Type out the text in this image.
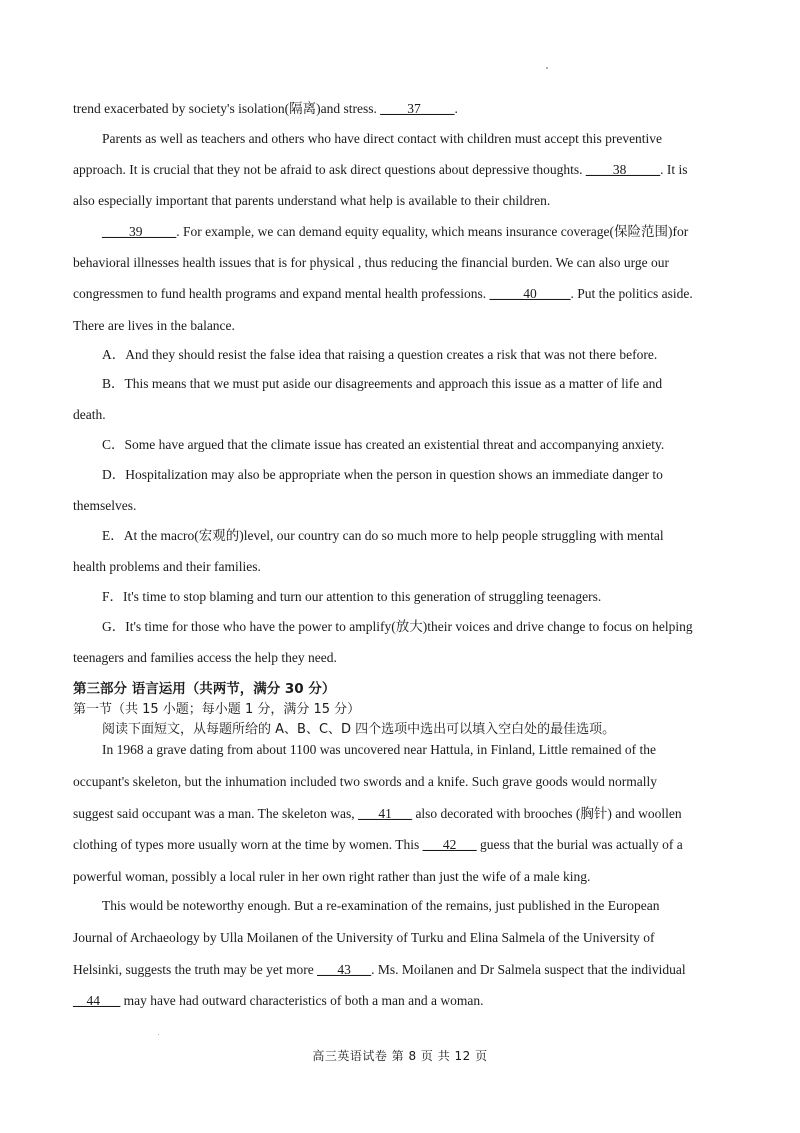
trend exacerbated by society's isolation(隔离)and stress. ____37_____.

Parents as well as teachers and others who have direct contact with children must accept this preventive

approach. It is crucial that they not be afraid to ask direct questions about depressive thoughts. ____38_____. It is

also especially important that parents understand what help is available to their children.

____39_____. For example, we can demand equity equality, which means insurance coverage(保险范围)for

behavioral illnesses health issues that is for physical , thus reducing the financial burden. We can also urge our

congressmen to fund health programs and expand mental health professions. _____40_____. Put the politics aside.

There are lives in the balance.

A．And they should resist the false idea that raising a question creates a risk that was not there before.

B．This means that we must put aside our disagreements and approach this issue as a matter of life and

death.

C．Some have argued that the climate issue has created an existential threat and accompanying anxiety.

D．Hospitalization may also be appropriate when the person in question shows an immediate danger to

themselves.

E．At the macro(宏观的)level, our country can do so much more to help people struggling with mental

health problems and their families.

F．It's time to stop blaming and turn our attention to this generation of struggling teenagers.

G．It's time for those who have the power to amplify(放大)their voices and drive change to focus on helping

teenagers and families access the help they need.

第三部分 语言运用（共两节，满分 30 分）

第一节（共 15 小题；每小题 1 分，满分 15 分）

阅读下面短文，从每题所给的 A、B、C、D 四个选项中选出可以填入空白处的最佳选项。

In 1968 a grave dating from about 1100 was uncovered near Hattula, in Finland, Little remained of the

occupant's skeleton, but the inhumation included two swords and a knife. Such grave goods would normally

suggest said occupant was a man. The skeleton was, ___41___ also decorated with brooches (胸针) and woollen

clothing of types more usually worn at the time by women. This ___42___ guess that the burial was actually of a

powerful woman, possibly a local ruler in her own right rather than just the wife of a male king.

This would be noteworthy enough. But a re-examination of the remains, just published in the European

Journal of Archaeology by Ulla Moilanen of the University of Turku and Elina Salmela of the University of

Helsinki, suggests the truth may be yet more ___43___. Ms. Moilanen and Dr Salmela suspect that the individual

__44___ may have had outward characteristics of both a man and a woman.

高三英语试卷 第 8 页 共 12 页
